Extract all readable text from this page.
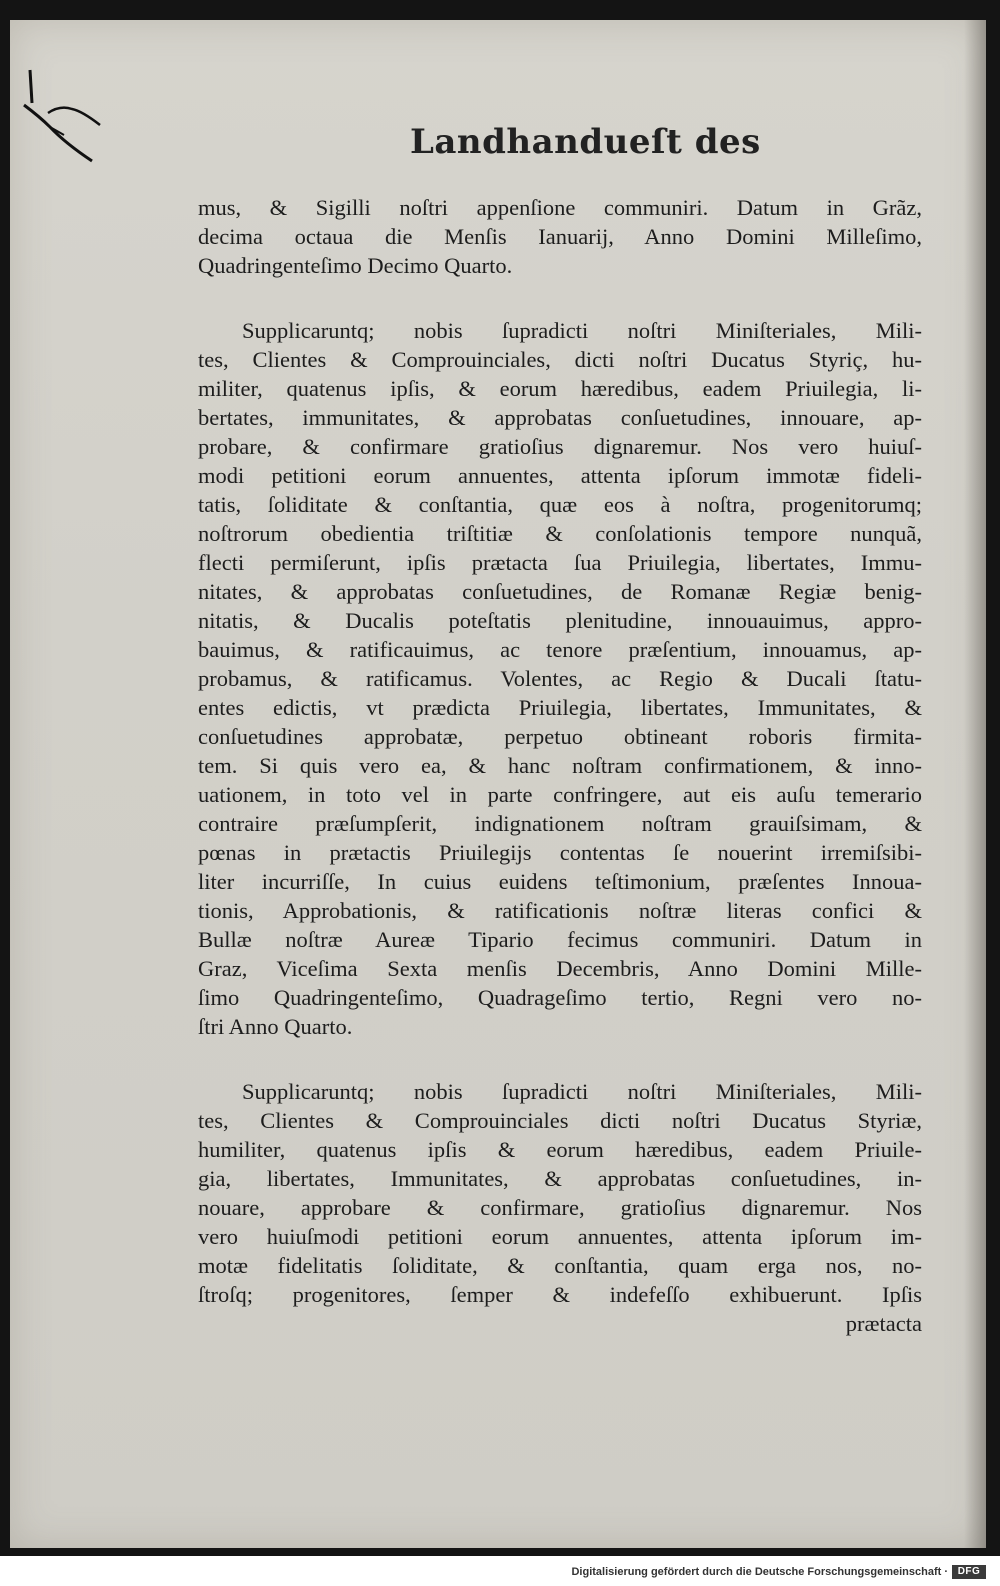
Landhandueſt des
mus, & Sigilli noſtri appenſione communiri. Datum in Grãz,
decima octaua die Menſis Ianuarij, Anno Domini Milleſimo,
Quadringenteſimo Decimo Quarto.
Supplicaruntq; nobis ſupradicti noſtri Miniſteriales, Mili-
tes, Clientes & Comprouinciales, dicti noſtri Ducatus Styriç, hu-
militer, quatenus ipſis, & eorum hæredibus, eadem Priuilegia, li-
bertates, immunitates, & approbatas conſuetudines, innouare, ap-
probare, & confirmare gratioſius dignaremur. Nos vero huiuſ-
modi petitioni eorum annuentes, attenta ipſorum immotæ fideli-
tatis, ſoliditate & conſtantia, quæ eos à noſtra, progenitorumq;
noſtrorum obedientia triſtitiæ & conſolationis tempore nunquã,
flecti permiſerunt, ipſis prætacta ſua Priuilegia, libertates, Immu-
nitates, & approbatas conſuetudines, de Romanæ Regiæ benig-
nitatis, & Ducalis poteſtatis plenitudine, innouauimus, appro-
bauimus, & ratificauimus, ac tenore præſentium, innouamus, ap-
probamus, & ratificamus. Volentes, ac Regio & Ducali ſtatu-
entes edictis, vt prædicta Priuilegia, libertates, Immunitates, &
conſuetudines approbatæ, perpetuo obtineant roboris firmita-
tem. Si quis vero ea, & hanc noſtram confirmationem, & inno-
uationem, in toto vel in parte confringere, aut eis auſu temerario
contraire præſumpſerit, indignationem noſtram grauiſsimam, &
pœnas in prætactis Priuilegijs contentas ſe nouerint irremiſsibi-
liter incurriſſe, In cuius euidens teſtimonium, præſentes Innoua-
tionis, Approbationis, & ratificationis noſtræ literas confici &
Bullæ noſtræ Aureæ Tipario fecimus communiri. Datum in
Graz, Viceſima Sexta menſis Decembris, Anno Domini Mille-
ſimo Quadringenteſimo, Quadrageſimo tertio, Regni vero no-
ſtri Anno Quarto.
Supplicaruntq; nobis ſupradicti noſtri Miniſteriales, Mili-
tes, Clientes & Comprouinciales dicti noſtri Ducatus Styriæ,
humiliter, quatenus ipſis & eorum hæredibus, eadem Priuile-
gia, libertates, Immunitates, & approbatas conſuetudines, in-
nouare, approbare & confirmare, gratioſius dignaremur. Nos
vero huiuſmodi petitioni eorum annuentes, attenta ipſorum im-
motæ fidelitatis ſoliditate, & conſtantia, quam erga nos, no-
ſtroſq; progenitores, ſemper & indefeſſo exhibuerunt. Ipſis
prætacta
Digitalisierung gefördert durch die Deutsche Forschungsgemeinschaft · DFG
